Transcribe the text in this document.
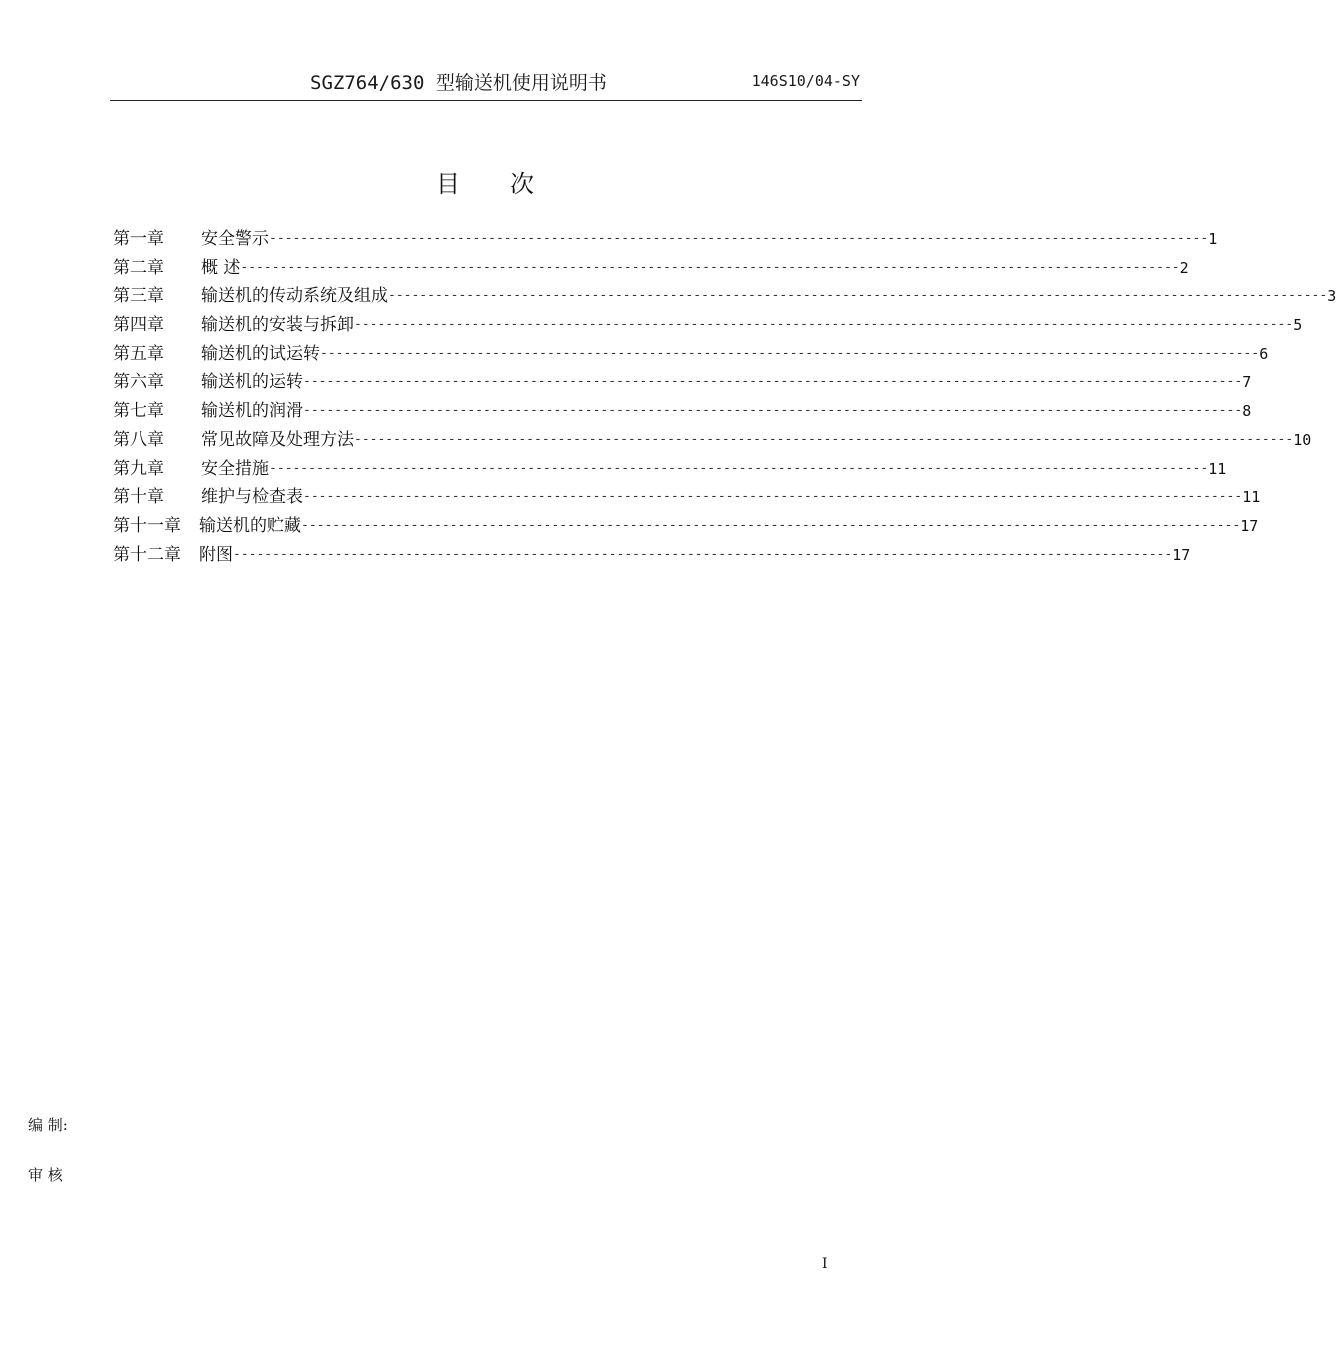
SGZ764/630 型输送机使用说明书	146S10/04-SY
目次
第一章 安全警示 ------------------------------------------------------------------------------------------------------------------------ 1
第二章 概 述 ------------------------------------------------------------------------------------------------------------------------ 2
第三章 输送机的传动系统及组成 ------------------------------------------------------------------------------------------------------------------------ 3
第四章 输送机的安装与拆卸 ------------------------------------------------------------------------------------------------------------------------ 5
第五章 输送机的试运转 ------------------------------------------------------------------------------------------------------------------------ 6
第六章 输送机的运转 ------------------------------------------------------------------------------------------------------------------------ 7
第七章 输送机的润滑 ------------------------------------------------------------------------------------------------------------------------ 8
第八章 常见故障及处理方法 ------------------------------------------------------------------------------------------------------------------------ 10
第九章 安全措施 ------------------------------------------------------------------------------------------------------------------------ 11
第十章 维护与检查表 ------------------------------------------------------------------------------------------------------------------------ 11
第十一章 输送机的贮藏 ------------------------------------------------------------------------------------------------------------------------ 17
第十二章 附图 ------------------------------------------------------------------------------------------------------------------------ 17
编 制:
审 核
I
